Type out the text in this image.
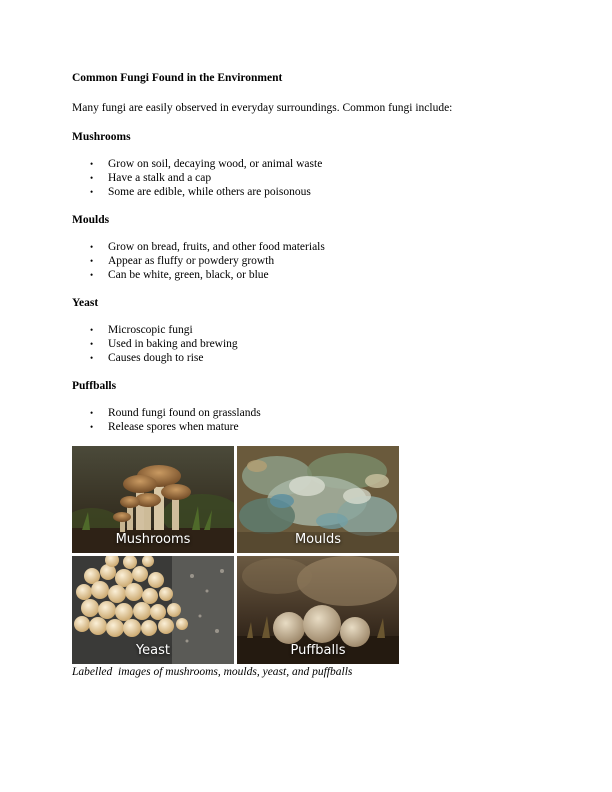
Common Fungi Found in the Environment
Many fungi are easily observed in everyday surroundings. Common fungi include:
Mushrooms
• Grow on soil, decaying wood, or animal waste
• Have a stalk and a cap
• Some are edible, while others are poisonous
Moulds
• Grow on bread, fruits, and other food materials
• Appear as fluffy or powdery growth
• Can be white, green, black, or blue
Yeast
• Microscopic fungi
• Used in baking and brewing
• Causes dough to rise
Puffballs
• Round fungi found on grasslands
• Release spores when mature
Mushrooms	Moulds
Yeast	Puffballs
Labelled  images of mushrooms, moulds, yeast, and puffballs
